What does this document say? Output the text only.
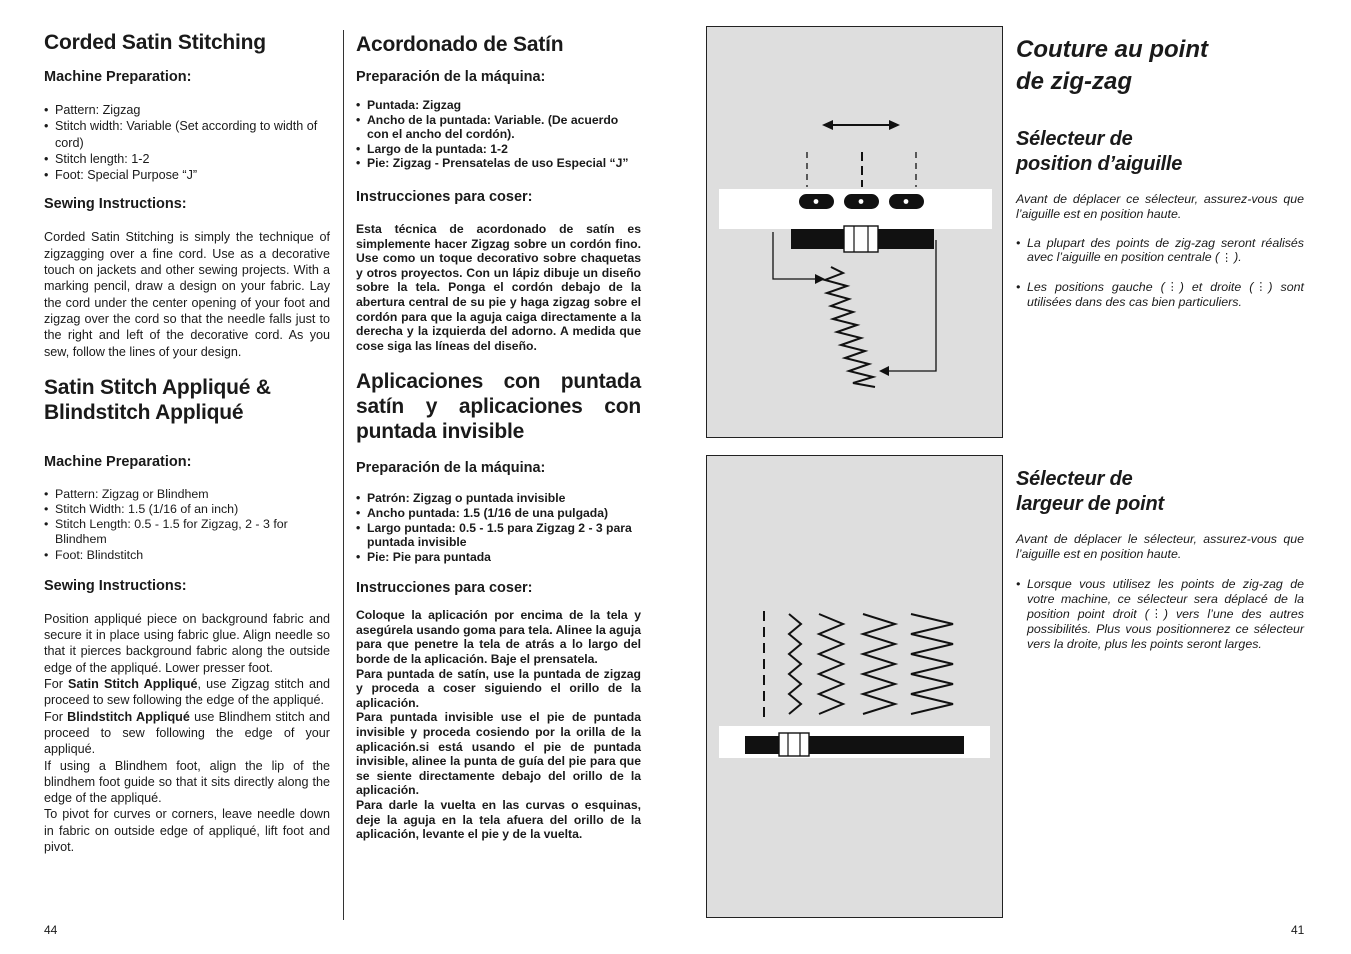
Corded Satin Stitching
Machine Preparation:
• Pattern: Zigzag
• Stitch width: Variable (Set according to width of cord)
• Stitch length: 1-2
• Foot: Special Purpose “J”
Sewing Instructions:

Corded Satin Stitching is simply the technique of zigzagging over a fine cord. Use as a decorative touch on jackets and other sewing projects. With a marking pencil, draw a design on your fabric. Lay the cord under the center opening of your foot and zigzag over the cord so that the needle falls just to the right and left of the decorative cord. As you sew, follow the lines of your design.

Satin Stitch Appliqué &
Blindstitch Appliqué
Machine Preparation:
• Pattern: Zigzag or Blindhem
• Stitch Width: 1.5 (1/16 of an inch)
• Stitch Length: 0.5 - 1.5 for Zigzag, 2 - 3 for Blindhem
• Foot: Blindstitch
Sewing Instructions:

Position appliqué piece on background fabric and secure it in place using fabric glue. Align needle so that it pierces background fabric along the outside edge of the appliqué. Lower presser foot.

For Satin Stitch Appliqué, use Zigzag stitch and proceed to sew following the edge of the appliqué.

For Blindstitch Appliqué use Blindhem stitch and proceed to sew following the edge of your appliqué.

If using a Blindhem foot, align the lip of the blindhem foot guide so that it sits directly along the edge of the appliqué.

To pivot for curves or corners, leave needle down in fabric on outside edge of appliqué, lift foot and pivot.

44
Acordonado de Satín
Preparación de la máquina:
• Puntada: Zigzag
• Ancho de la puntada: Variable. (De acuerdo con el ancho del cordón).
• Largo de la puntada: 1-2
• Pie: Zigzag - Prensatelas de uso Especial “J”
Instrucciones para coser:

Esta técnica de acordonado de satín es simplemente hacer Zigzag sobre un cordón fino. Use como un toque decorativo sobre chaquetas y otros proyectos. Con un lápiz dibuje un diseño sobre la tela. Ponga el cordón debajo de la abertura central de su pie y haga zigzag sobre el cordón para que la aguja caiga directamente a la derecha y la izquierda del adorno. A medida que cose siga las líneas del diseño.

Aplicaciones con puntada satín y aplicaciones con puntada invisible
Preparación de la máquina:
• Patrón: Zigzag o puntada invisible
• Ancho puntada: 1.5 (1/16 de una pulgada)
• Largo puntada: 0.5 - 1.5 para Zigzag 2 - 3 para puntada invisible
• Pie: Pie para puntada
Instrucciones para coser:

Coloque la aplicación por encima de la tela y asegúrela usando goma para tela. Alinee la aguja para que penetre la tela de atrás a lo largo del borde de la aplicación. Baje el prensatela.

Para puntada de satín, use la puntada de zigzag y proceda a coser siguiendo el orillo de la aplicación.

Para puntada invisible use el pie de puntada invisible y proceda cosiendo por la orilla de la aplicación.si está usando el pie de puntada invisible, alinee la punta de guía del pie para que se siente directamente debajo del orillo de la aplicación.

Para darle la vuelta en las curvas o esquinas, deje la aguja en la tela afuera del orillo de la aplicación, levante el pie y de la vuelta.

Couture au point
de zig-zag
Sélecteur de
position d’aiguille

Avant de déplacer ce sélecteur, assurez-vous que l’aiguille est en position haute.

• La plupart des points de zig-zag seront réalisés avec l’aiguille en position centrale ( ⋮ ).
• Les positions gauche ( ⋮ ) et droite ( ⋮ ) sont utilisées dans des cas bien particuliers.
Sélecteur de
largeur de point

Avant de déplacer le sélecteur, assurez-vous que l’aiguille est en position haute.

• Lorsque vous utilisez les points de zig-zag de votre machine, ce sélecteur sera déplacé de la position point droit ( ⋮ ) vers l’une des autres possibilités. Plus vous positionnerez ce sélecteur vers la droite, plus les points seront larges.
41
